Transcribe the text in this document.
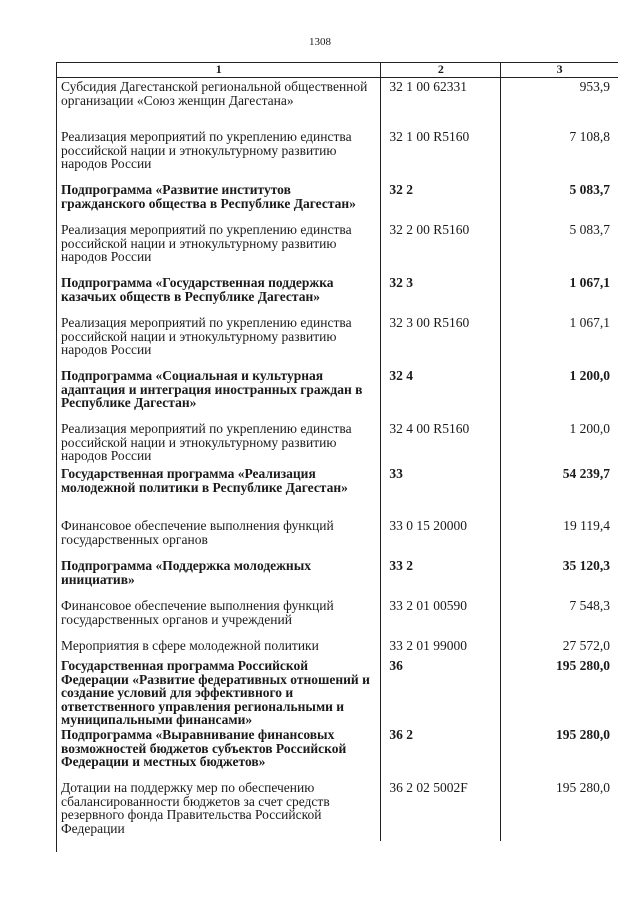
1308
1	2	3
Субсидия Дагестанской региональной общественной организации «Союз женщин Дагестана»
32 1 00 62331	953,9
Реализация мероприятий по укреплению единства российской нации и этнокультурному развитию народов России
32 1 00 R5160	7 108,8
Подпрограмма «Развитие институтов гражданского общества в Республике Дагестан»
32 2	5 083,7
Реализация мероприятий по укреплению единства российской нации и этнокультурному развитию народов России
32 2 00 R5160	5 083,7
Подпрограмма «Государственная поддержка казачьих обществ в Республике Дагестан»
32 3	1 067,1
Реализация мероприятий по укреплению единства российской нации и этнокультурному развитию народов России
32 3 00 R5160	1 067,1
Подпрограмма «Социальная и культурная адаптация и интеграция иностранных граждан в Республике Дагестан»
32 4	1 200,0
Реализация мероприятий по укреплению единства российской нации и этнокультурному развитию народов России
32 4 00 R5160	1 200,0
Государственная программа «Реализация молодежной политики в Республике Дагестан»
33	54 239,7
Финансовое обеспечение выполнения функций государственных органов
33 0 15 20000	19 119,4
Подпрограмма «Поддержка молодежных инициатив»
33 2	35 120,3
Финансовое обеспечение выполнения функций государственных органов и учреждений
33 2 01 00590	7 548,3
Мероприятия в сфере молодежной политики	33 2 01 99000	27 572,0
Государственная программа Российской Федерации «Развитие федеративных отношений и создание условий для эффективного и ответственного управления региональными и муниципальными финансами»
36	195 280,0
Подпрограмма «Выравнивание финансовых возможностей бюджетов субъектов Российской Федерации и местных бюджетов»
36 2	195 280,0
Дотации на поддержку мер по обеспечению сбалансированности бюджетов за счет средств резервного фонда Правительства Российской Федерации
36 2 02 5002F	195 280,0
